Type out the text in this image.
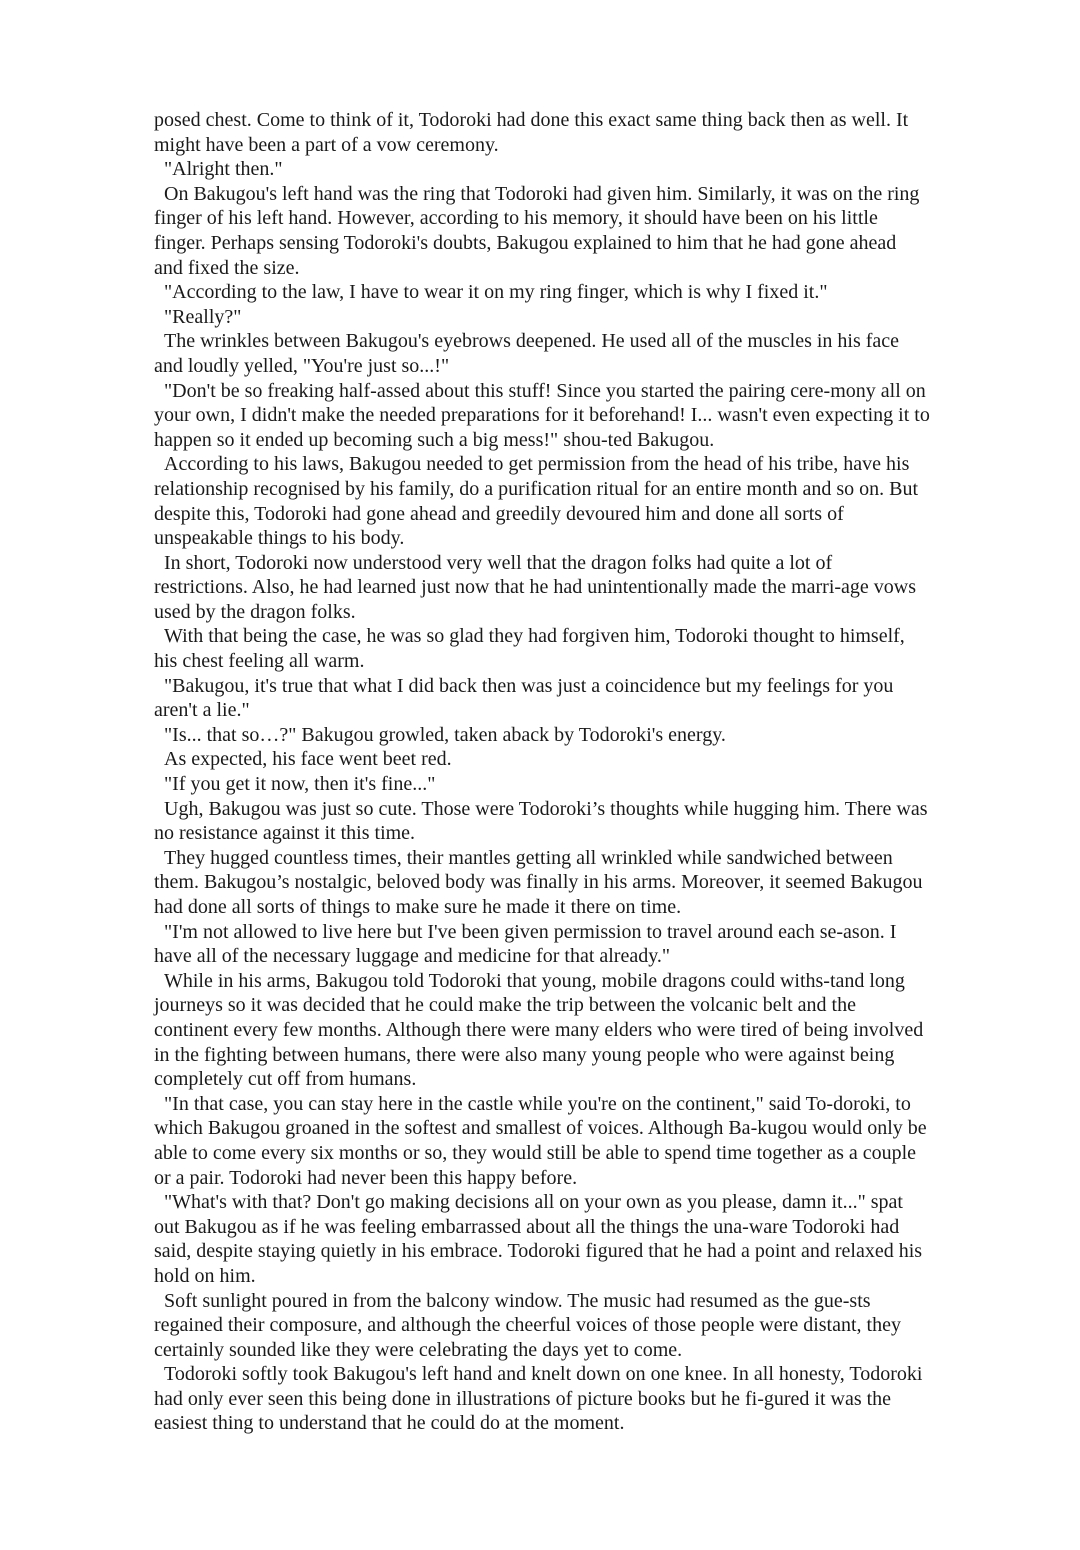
posed chest. Come to think of it, Todoroki had done this exact same thing back then as well. It might have been a part of a vow ceremony.

"Alright then."

On Bakugou's left hand was the ring that Todoroki had given him. Similarly, it was on the ring finger of his left hand. However, according to his memory, it should have been on his little finger. Perhaps sensing Todoroki's doubts, Bakugou explained to him that he had gone ahead and fixed the size.

"According to the law, I have to wear it on my ring finger, which is why I fixed it."

"Really?"

The wrinkles between Bakugou's eyebrows deepened. He used all of the muscles in his face and loudly yelled, "You're just so...!"

"Don't be so freaking half-assed about this stuff! Since you started the pairing cere-mony all on your own, I didn't make the needed preparations for it beforehand! I... wasn't even expecting it to happen so it ended up becoming such a big mess!" shou-ted Bakugou.

According to his laws, Bakugou needed to get permission from the head of his tribe, have his relationship recognised by his family, do a purification ritual for an entire month and so on. But despite this, Todoroki had gone ahead and greedily devoured him and done all sorts of unspeakable things to his body.

In short, Todoroki now understood very well that the dragon folks had quite a lot of restrictions. Also, he had learned just now that he had unintentionally made the marri-age vows used by the dragon folks.

With that being the case, he was so glad they had forgiven him, Todoroki thought to himself, his chest feeling all warm.

"Bakugou, it's true that what I did back then was just a coincidence but my feelings for you aren't a lie."

"Is... that so…?" Bakugou growled, taken aback by Todoroki's energy.

As expected, his face went beet red.

"If you get it now, then it's fine..."

Ugh, Bakugou was just so cute. Those were Todoroki’s thoughts while hugging him. There was no resistance against it this time.

They hugged countless times, their mantles getting all wrinkled while sandwiched between them. Bakugou’s nostalgic, beloved body was finally in his arms. Moreover, it seemed Bakugou had done all sorts of things to make sure he made it there on time.

"I'm not allowed to live here but I've been given permission to travel around each se-ason. I have all of the necessary luggage and medicine for that already."

While in his arms, Bakugou told Todoroki that young, mobile dragons could withs-tand long journeys so it was decided that he could make the trip between the volcanic belt and the continent every few months. Although there were many elders who were tired of being involved in the fighting between humans, there were also many young people who were against being completely cut off from humans.

"In that case, you can stay here in the castle while you're on the continent," said To-doroki, to which Bakugou groaned in the softest and smallest of voices. Although Ba-kugou would only be able to come every six months or so, they would still be able to spend time together as a couple or a pair. Todoroki had never been this happy before.

"What's with that? Don't go making decisions all on your own as you please, damn it..." spat out Bakugou as if he was feeling embarrassed about all the things the una-ware Todoroki had said, despite staying quietly in his embrace. Todoroki figured that he had a point and relaxed his hold on him.

Soft sunlight poured in from the balcony window. The music had resumed as the gue-sts regained their composure, and although the cheerful voices of those people were distant, they certainly sounded like they were celebrating the days yet to come.

Todoroki softly took Bakugou's left hand and knelt down on one knee. In all honesty, Todoroki had only ever seen this being done in illustrations of picture books but he fi-gured it was the easiest thing to understand that he could do at the moment.
